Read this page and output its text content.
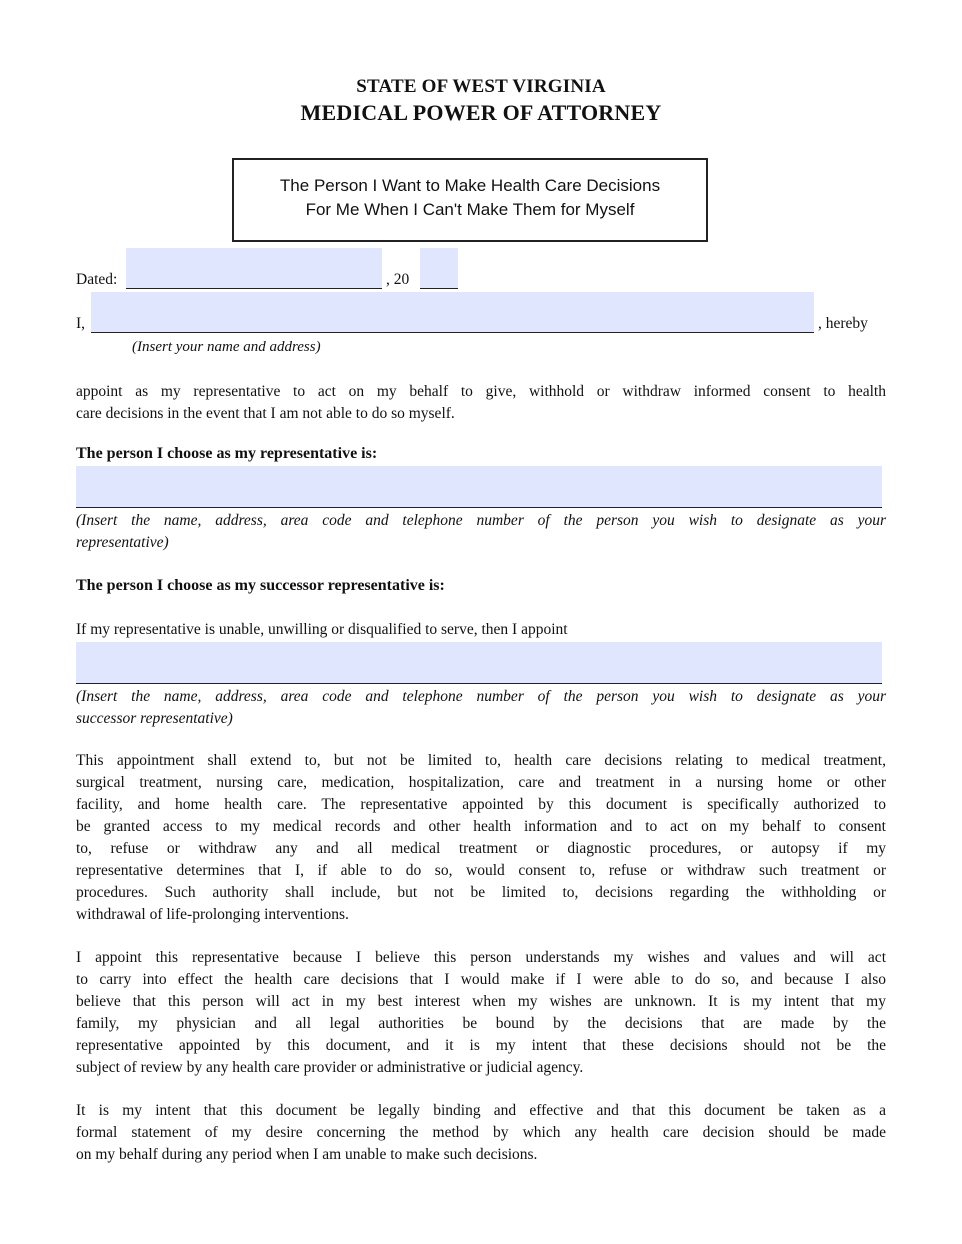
STATE OF WEST VIRGINIA
MEDICAL POWER OF ATTORNEY
The Person I Want to Make Health Care Decisions
For Me When I Can't Make Them for Myself
Dated:	, 20
I,	, hereby
(Insert your name and address)
appoint as my representative to act on my behalf to give, withhold or withdraw informed consent to health
care decisions in the event that I am not able to do so myself.
The person I choose as my representative is:
(Insert the name, address, area code and telephone number of the person you wish to designate as your
representative)
The person I choose as my successor representative is:
If my representative is unable, unwilling or disqualified to serve, then I appoint
(Insert the name, address, area code and telephone number of the person you wish to designate as your
successor representative)
This appointment shall extend to, but not be limited to, health care decisions relating to medical treatment,
surgical treatment, nursing care, medication, hospitalization, care and treatment in a nursing home or other
facility, and home health care. The representative appointed by this document is specifically authorized to
be granted access to my medical records and other health information and to act on my behalf to consent
to, refuse or withdraw any and all medical treatment or diagnostic procedures, or autopsy if my
representative determines that I, if able to do so, would consent to, refuse or withdraw such treatment or
procedures. Such authority shall include, but not be limited to, decisions regarding the withholding or
withdrawal of life-prolonging interventions.
I appoint this representative because I believe this person understands my wishes and values and will act
to carry into effect the health care decisions that I would make if I were able to do so, and because I also
believe that this person will act in my best interest when my wishes are unknown. It is my intent that my
family, my physician and all legal authorities be bound by the decisions that are made by the
representative appointed by this document, and it is my intent that these decisions should not be the
subject of review by any health care provider or administrative or judicial agency.
It is my intent that this document be legally binding and effective and that this document be taken as a
formal statement of my desire concerning the method by which any health care decision should be made
on my behalf during any period when I am unable to make such decisions.
